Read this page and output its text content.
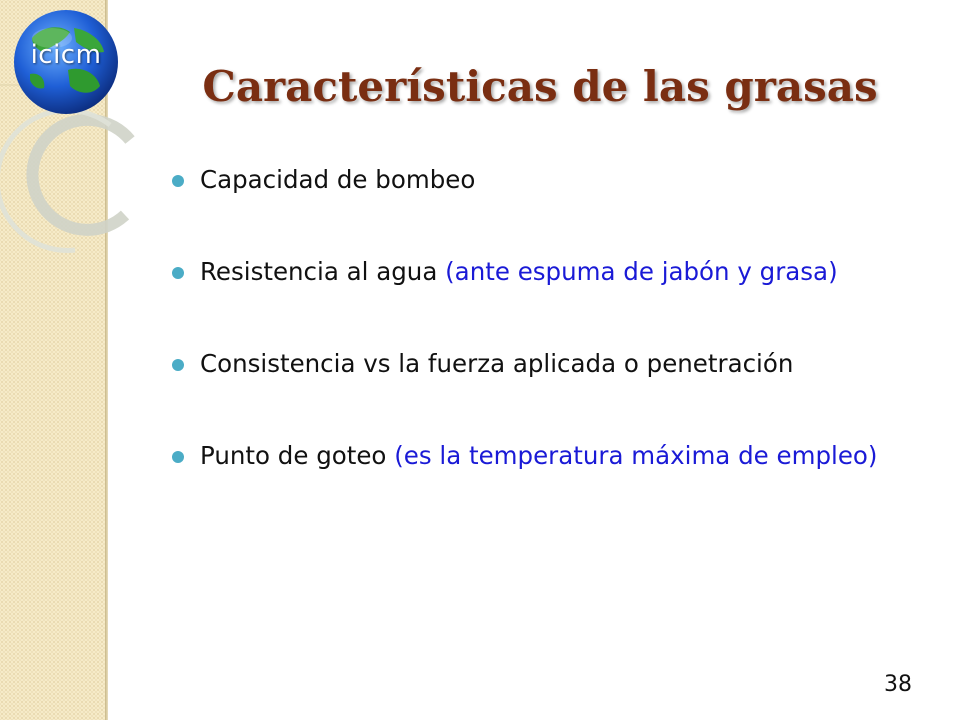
icicm
Características de las grasas
Capacidad de bombeo
Resistencia al agua (ante espuma de jabón y grasa)
Consistencia vs la fuerza aplicada o penetración
Punto de goteo (es la temperatura máxima de empleo)
38
